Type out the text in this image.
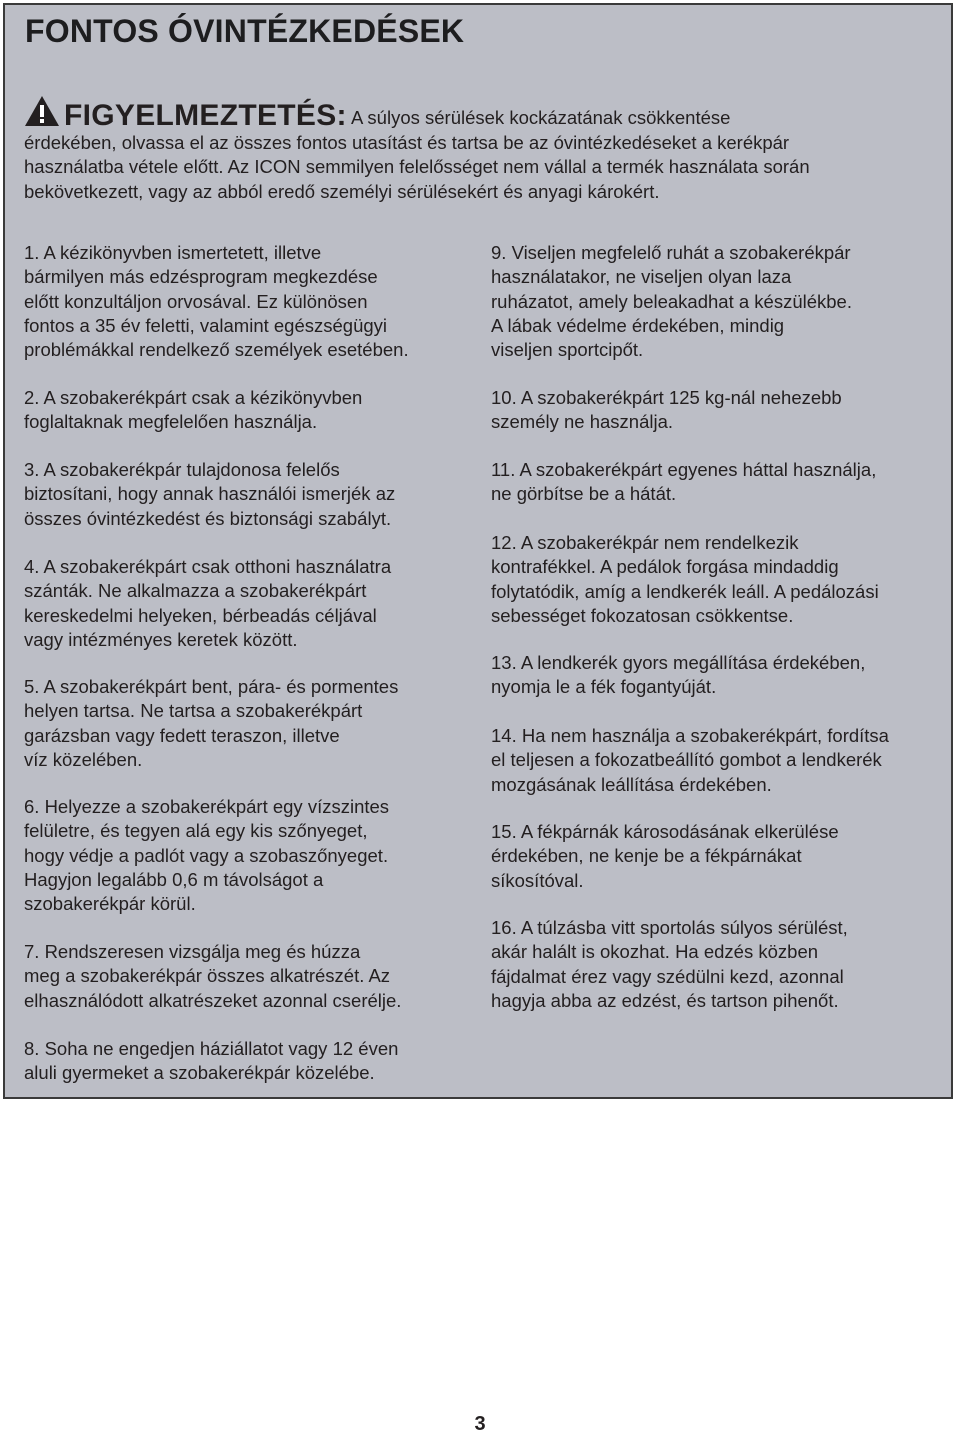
FONTOS ÓVINTÉZKEDÉSEK

FIGYELMEZTETÉS: A súlyos sérülések kockázatának csökkentése
érdekében, olvassa el az összes fontos utasítást és tartsa be az óvintézkedéseket a kerékpár
használatba vétele előtt. Az ICON semmilyen felelősséget nem vállal a termék használata során
bekövetkezett, vagy az abból eredő személyi sérülésekért és anyagi károkért.

1. A kézikönyvben ismertetett, illetve
bármilyen más edzésprogram megkezdése
előtt konzultáljon orvosával. Ez különösen
fontos a 35 év feletti, valamint egészségügyi
problémákkal rendelkező személyek esetében.

2. A szobakerékpárt csak a kézikönyvben
foglaltaknak megfelelően használja.

3. A szobakerékpár tulajdonosa felelős
biztosítani, hogy annak használói ismerjék az
összes óvintézkedést és biztonsági szabályt.

4. A szobakerékpárt csak otthoni használatra
szánták. Ne alkalmazza a szobakerékpárt
kereskedelmi helyeken, bérbeadás céljával
vagy intézményes keretek között.

5. A szobakerékpárt bent, pára- és pormentes
helyen tartsa. Ne tartsa a szobakerékpárt
garázsban vagy fedett teraszon, illetve
víz közelében.

6. Helyezze a szobakerékpárt egy vízszintes
felületre, és tegyen alá egy kis szőnyeget,
hogy védje a padlót vagy a szobaszőnyeget.
Hagyjon legalább 0,6 m távolságot a
szobakerékpár körül.

7. Rendszeresen vizsgálja meg és húzza
meg a szobakerékpár összes alkatrészét. Az
elhasználódott alkatrészeket azonnal cserélje.

8. Soha ne engedjen háziállatot vagy 12 éven
aluli gyermeket a szobakerékpár közelébe.

9. Viseljen megfelelő ruhát a szobakerékpár
használatakor, ne viseljen olyan laza
ruházatot, amely beleakadhat a készülékbe.
A lábak védelme érdekében, mindig
viseljen sportcipőt.

10. A szobakerékpárt 125 kg-nál nehezebb
személy ne használja.

11. A szobakerékpárt egyenes háttal használja,
ne görbítse be a hátát.

12. A szobakerékpár nem rendelkezik
kontrafékkel. A pedálok forgása mindaddig
folytatódik, amíg a lendkerék leáll. A pedálozási
sebességet fokozatosan csökkentse.

13. A lendkerék gyors megállítása érdekében,
nyomja le a fék fogantyúját.

14. Ha nem használja a szobakerékpárt, fordítsa
el teljesen a fokozatbeállító gombot a lendkerék
mozgásának leállítása érdekében.

15. A fékpárnák károsodásának elkerülése
érdekében, ne kenje be a fékpárnákat
síkosítóval.

16. A túlzásba vitt sportolás súlyos sérülést,
akár halált is okozhat. Ha edzés közben
fájdalmat érez vagy szédülni kezd, azonnal
hagyja abba az edzést, és tartson pihenőt.

3
